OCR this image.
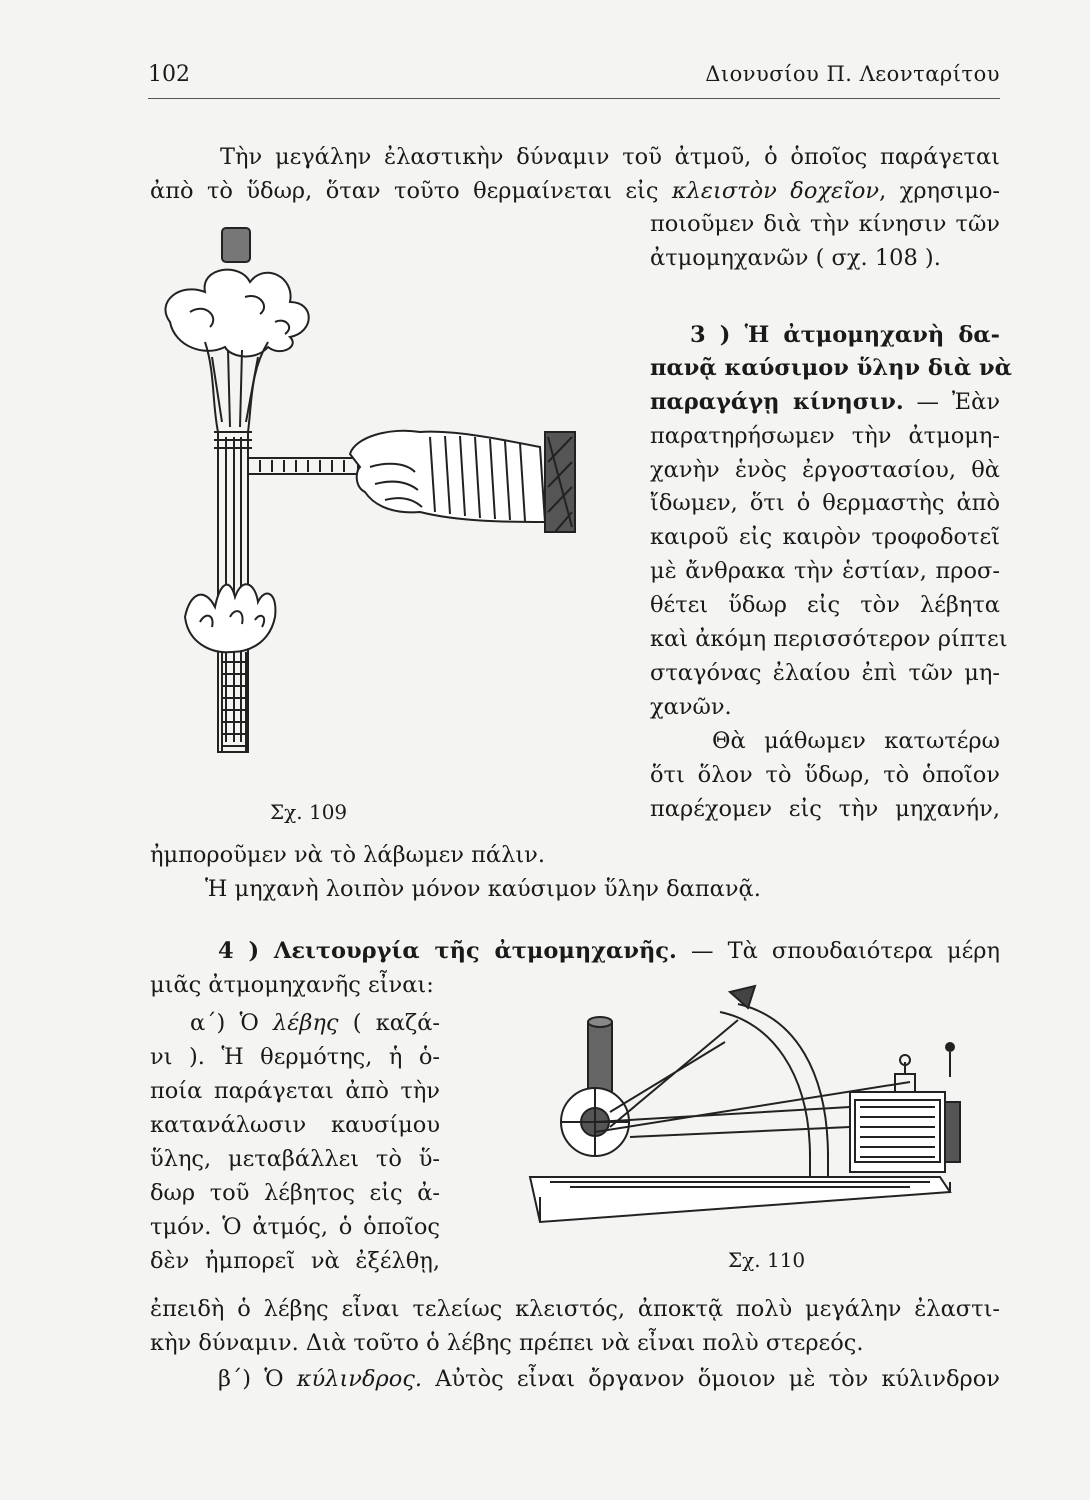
102	Διονυσίου Π. Λεονταρίτου
Τὴν μεγάλην ἐλαστικὴν δύναμιν τοῦ ἀτμοῦ, ὁ ὁποῖος παράγεται
ἀπὸ τὸ ὕδωρ, ὅταν τοῦτο θερμαίνεται εἰς κλειστὸν δοχεῖον, χρησιμο-
ποιοῦμεν διὰ τὴν κίνησιν τῶν
ἀτμομηχανῶν ( σχ. 108 ).
3 ) Ἡ ἀτμομηχανὴ δα-
πανᾷ καύσιμον ὕλην διὰ νὰ
παραγάγῃ κίνησιν. — Ἐὰν
παρατηρήσωμεν τὴν ἀτμομη-
χανὴν ἑνὸς ἐργοστασίου, θὰ
ἴδωμεν, ὅτι ὁ θερμαστὴς ἀπὸ
καιροῦ εἰς καιρὸν τροφοδοτεῖ
μὲ ἄνθρακα τὴν ἑστίαν, προσ-
θέτει ὕδωρ εἰς τὸν λέβητα
καὶ ἀκόμη περισσότερον ρίπτει
σταγόνας ἐλαίου ἐπὶ τῶν μη-
χανῶν.
Θὰ μάθωμεν κατωτέρω
ὅτι ὅλον τὸ ὕδωρ, τὸ ὁποῖον
παρέχομεν εἰς τὴν μηχανήν,
Σχ. 109
ἠμποροῦμεν νὰ τὸ λάβωμεν πάλιν.
Ἡ μηχανὴ λοιπὸν μόνον καύσιμον ὕλην δαπανᾷ.
4 ) Λειτουργία τῆς ἀτμομηχανῆς. — Τὰ σπουδαιότερα μέρη
μιᾶς ἀτμομηχανῆς εἶναι:
α΄) Ὁ λέβης ( καζά-
νι ). Ἡ θερμότης, ἡ ὁ-
ποία παράγεται ἀπὸ τὴν
κατανάλωσιν καυσίμου
ὕλης, μεταβάλλει τὸ ὕ-
δωρ τοῦ λέβητος εἰς ἀ-
τμόν. Ὁ ἀτμός, ὁ ὁποῖος
δὲν ἠμπορεῖ νὰ ἐξέλθῃ,	Σχ. 110
ἐπειδὴ ὁ λέβης εἶναι τελείως κλειστός, ἀποκτᾷ πολὺ μεγάλην ἐλαστι-
κὴν δύναμιν. Διὰ τοῦτο ὁ λέβης πρέπει νὰ εἶναι πολὺ στερεός.
β΄) Ὁ κύλινδρος. Αὐτὸς εἶναι ὄργανον ὅμοιον μὲ τὸν κύλινδρον
